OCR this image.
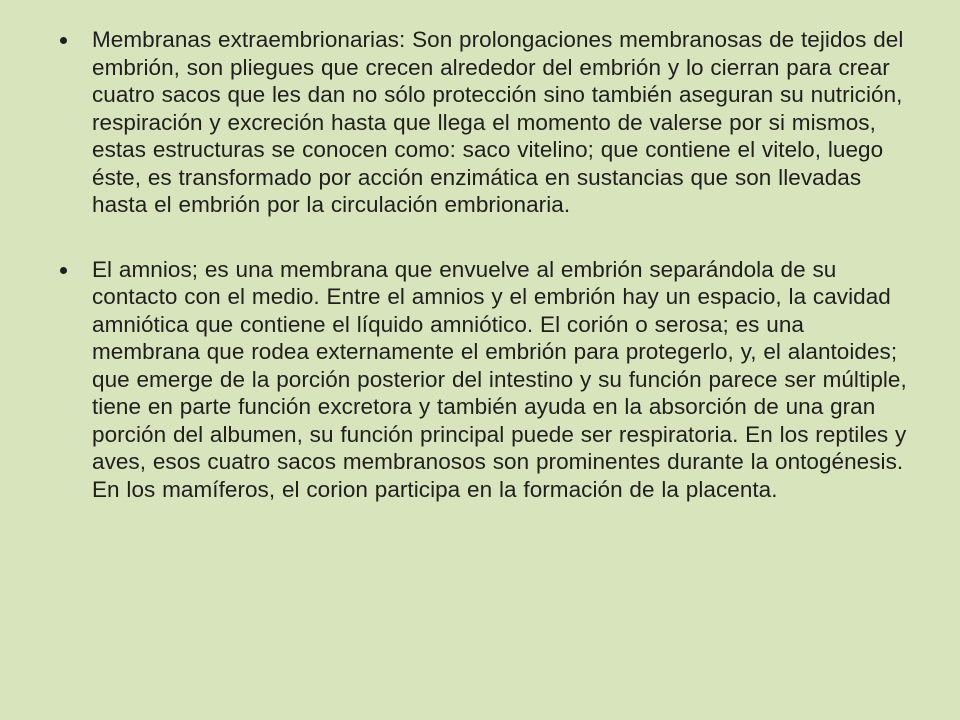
Membranas extraembrionarias: Son prolongaciones membranosas de tejidos del embrión, son pliegues que crecen alrededor del embrión y lo cierran para crear cuatro sacos que les dan no sólo protección sino también aseguran su nutrición, respiración y excreción hasta que llega el momento de valerse por si mismos, estas estructuras se conocen como: saco vitelino; que contiene el vitelo, luego éste, es transformado por acción enzimática en sustancias que son llevadas hasta el embrión por la circulación embrionaria.
El amnios; es una membrana que envuelve al embrión separándola de su contacto con el medio. Entre el amnios y el embrión hay un espacio, la cavidad amniótica que contiene el líquido amniótico. El corión o serosa; es una membrana que rodea externamente el embrión para protegerlo, y, el alantoides; que emerge de la porción posterior del intestino y su función parece ser múltiple, tiene en parte función excretora y también ayuda en la absorción de una gran porción del albumen, su función principal puede ser respiratoria. En los reptiles y aves, esos cuatro sacos membranosos son prominentes durante la ontogénesis. En los mamíferos, el corion participa en la formación de la placenta.
